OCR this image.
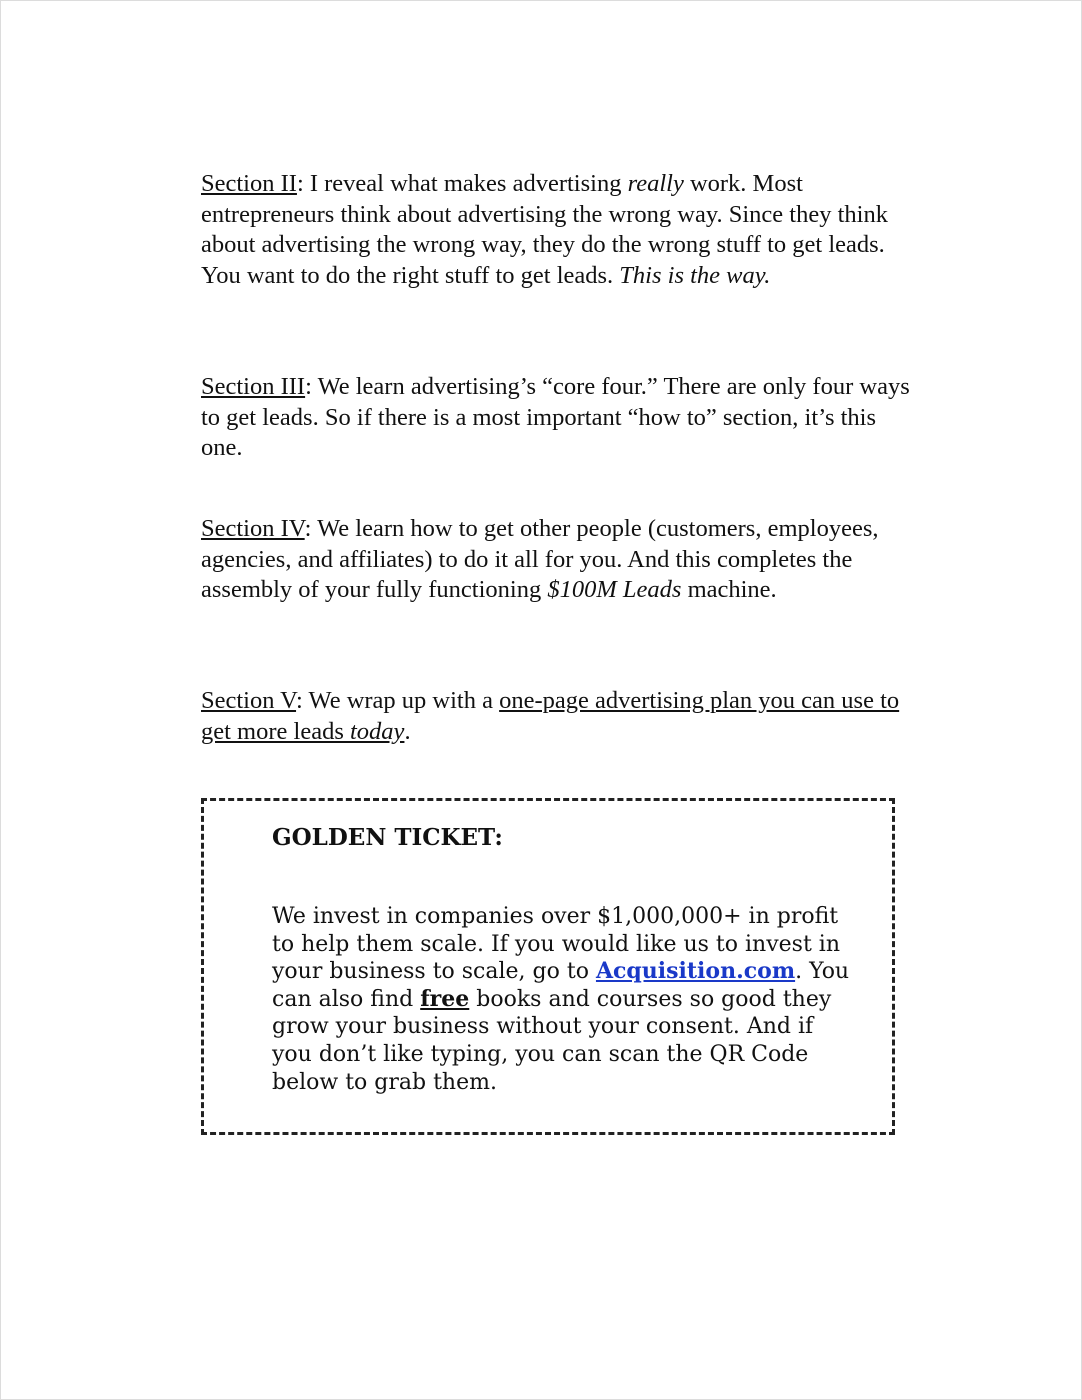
Section II: I reveal what makes advertising really work. Most entrepreneurs think about advertising the wrong way. Since they think about advertising the wrong way, they do the wrong stuff to get leads. You want to do the right stuff to get leads. This is the way.

Section III: We learn advertising’s “core four.” There are only four ways to get leads. So if there is a most important “how to” section, it’s this one.

Section IV: We learn how to get other people (customers, employees, agencies, and affiliates) to do it all for you. And this completes the assembly of your fully functioning $100M Leads machine.

Section V: We wrap up with a one-page advertising plan you can use to get more leads today.

GOLDEN TICKET:
We invest in companies over $1,000,000+ in profit to help them scale. If you would like us to invest in your business to scale, go to Acquisition.com. You can also find free books and courses so good they grow your business without your consent. And if you don’t like typing, you can scan the QR Code below to grab them.
